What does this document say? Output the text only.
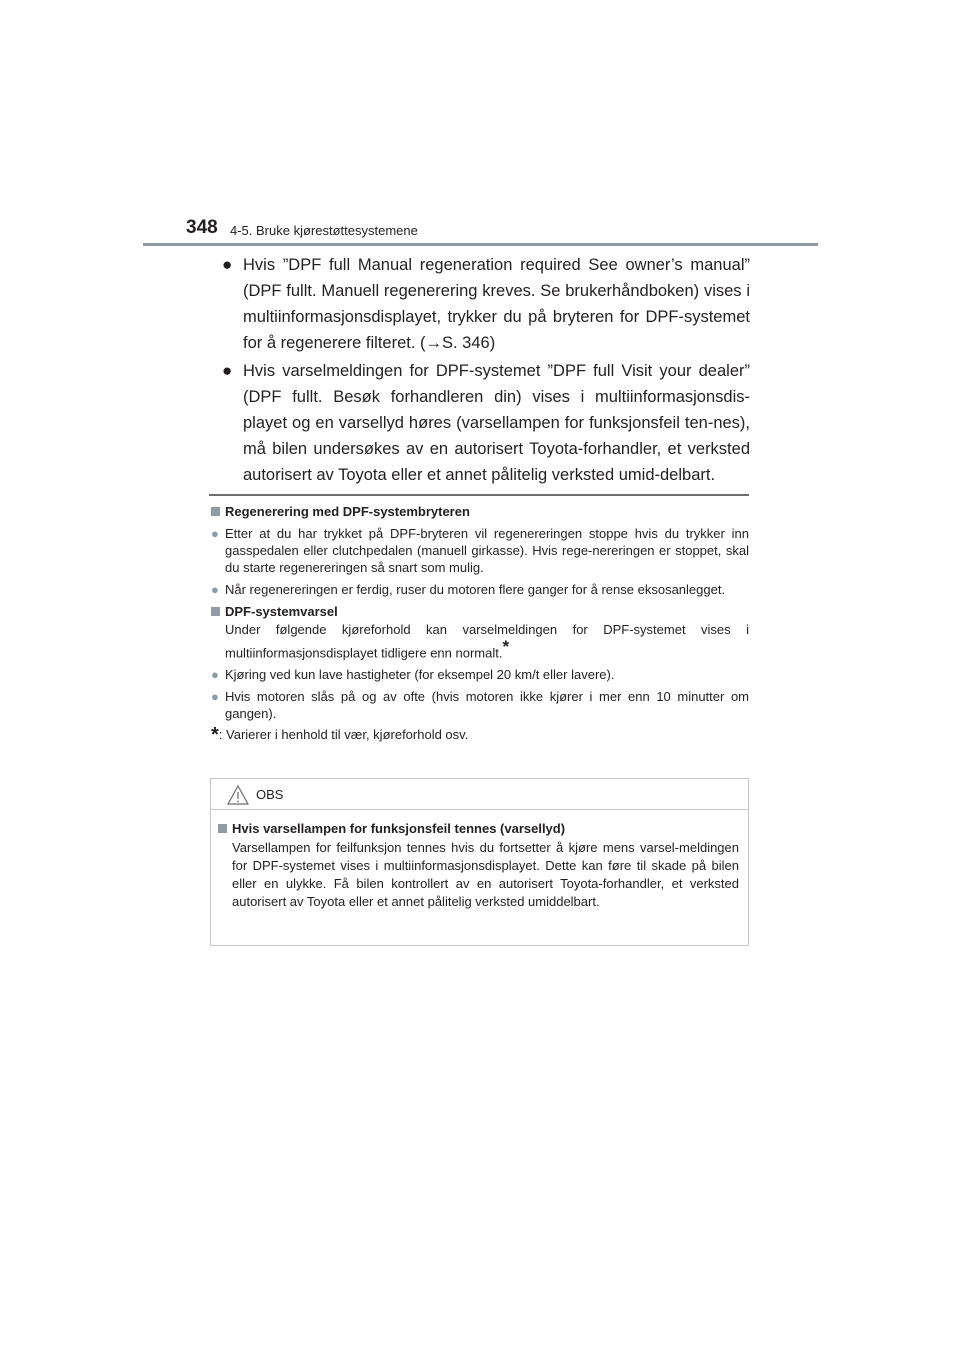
348 4-5. Bruke kjørestøttesystemene
● Hvis ”DPF full Manual regeneration required See owner’s manual” (DPF fullt. Manuell regenerering kreves. Se brukerhåndboken) vises i multiinformasjonsdisplayet, trykker du på bryteren for DPF-systemet for å regenerere filteret. (→S. 346)
● Hvis varselmeldingen for DPF-systemet ”DPF full Visit your dealer” (DPF fullt. Besøk forhandleren din) vises i multiinformasjonsdis-playet og en varsellyd høres (varsellampen for funksjonsfeil ten-nes), må bilen undersøkes av en autorisert Toyota-forhandler, et verksted autorisert av Toyota eller et annet pålitelig verksted umid-delbart.
Regenerering med DPF-systembryteren
● Etter at du har trykket på DPF-bryteren vil regenereringen stoppe hvis du trykker inn gasspedalen eller clutchpedalen (manuell girkasse). Hvis rege-nereringen er stoppet, skal du starte regenereringen så snart som mulig.
● Når regenereringen er ferdig, ruser du motoren flere ganger for å rense eksosanlegget.
DPF-systemvarsel
Under følgende kjøreforhold kan varselmeldingen for DPF-systemet vises i multiinformasjonsdisplayet tidligere enn normalt.*
● Kjøring ved kun lave hastigheter (for eksempel 20 km/t eller lavere).
● Hvis motoren slås på og av ofte (hvis motoren ikke kjører i mer enn 10 minutter om gangen).
*: Varierer i henhold til vær, kjøreforhold osv.
OBS
Hvis varsellampen for funksjonsfeil tennes (varsellyd)
Varsellampen for feilfunksjon tennes hvis du fortsetter å kjøre mens varsel-meldingen for DPF-systemet vises i multiinformasjonsdisplayet. Dette kan føre til skade på bilen eller en ulykke. Få bilen kontrollert av en autorisert Toyota-forhandler, et verksted autorisert av Toyota eller et annet pålitelig verksted umiddelbart.
